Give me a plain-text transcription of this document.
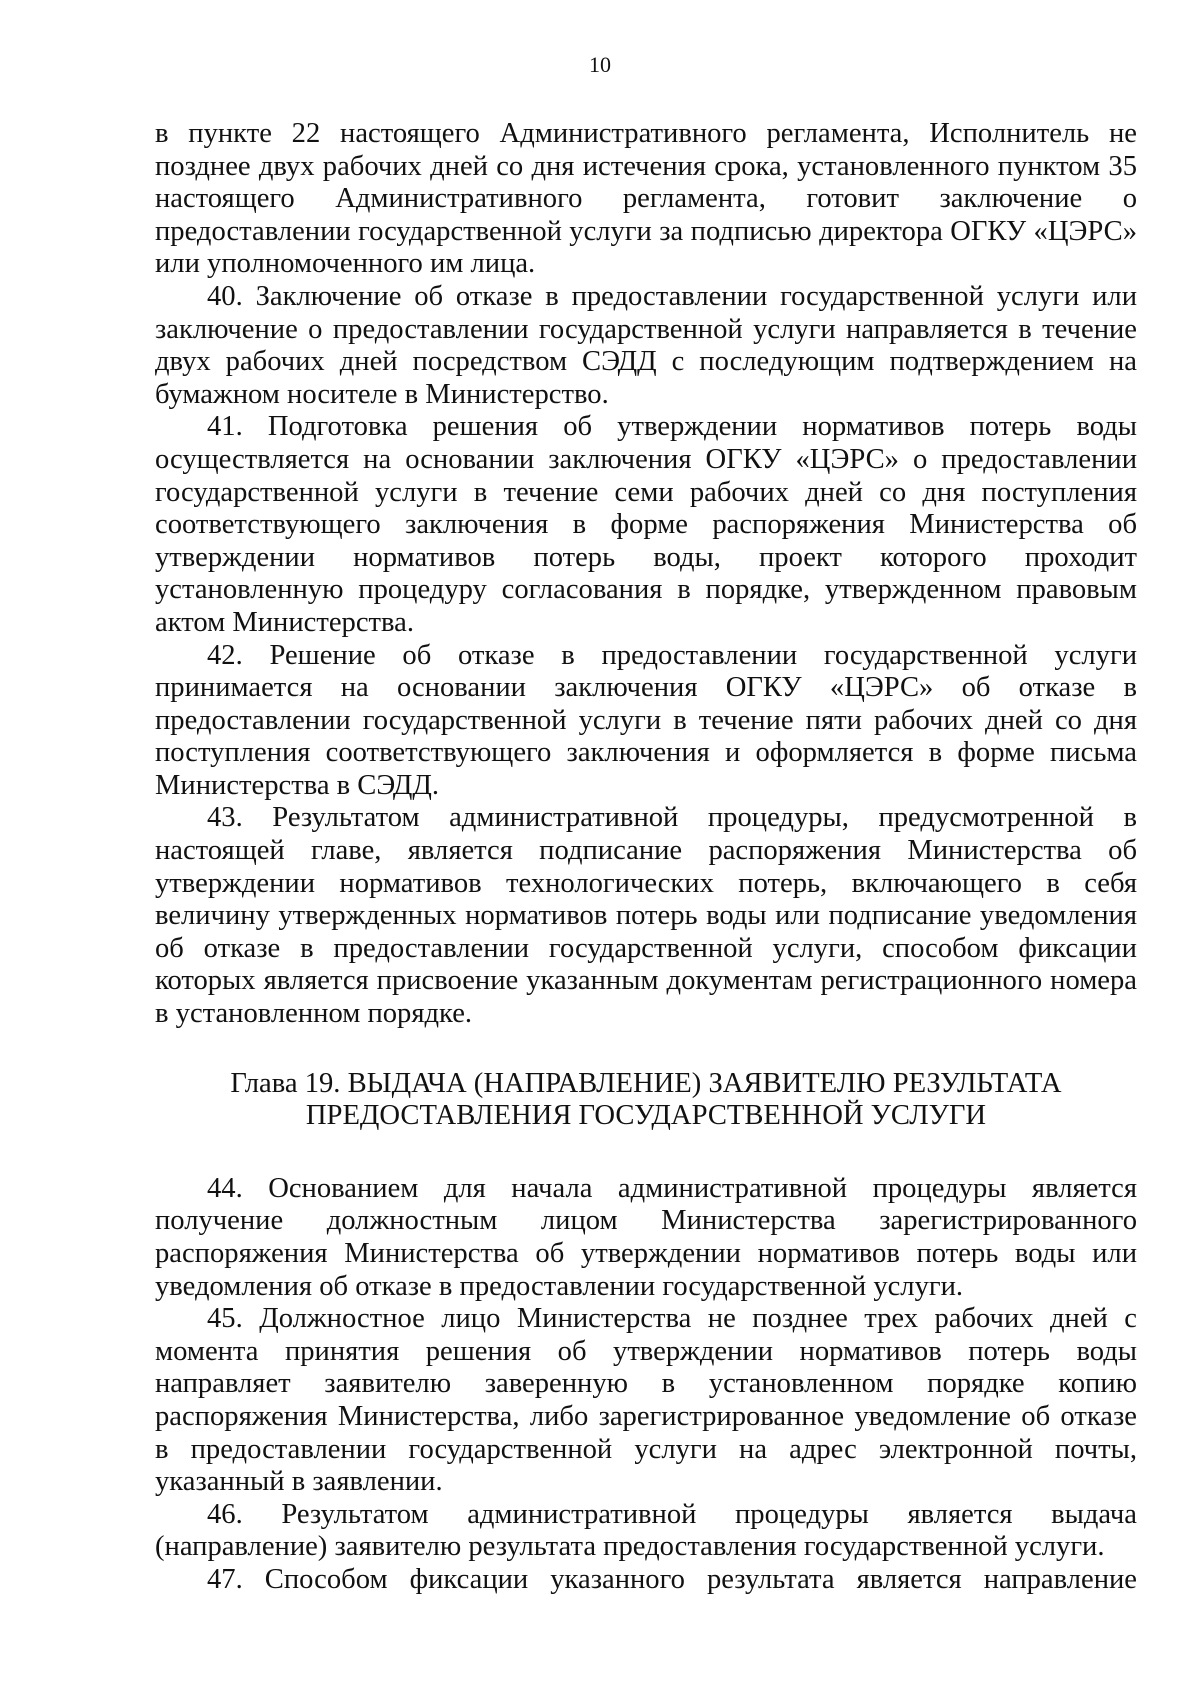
10

в пункте 22 настоящего Административного регламента, Исполнитель не позднее двух рабочих дней со дня истечения срока, установленного пунктом 35 настоящего Административного регламента, готовит заключение о предоставлении государственной услуги за подписью директора ОГКУ «ЦЭРС» или уполномоченного им лица.

40. Заключение об отказе в предоставлении государственной услуги или заключение о предоставлении государственной услуги направляется в течение двух рабочих дней посредством СЭДД с последующим подтверждением на бумажном носителе в Министерство.

41. Подготовка решения об утверждении нормативов потерь воды осуществляется на основании заключения ОГКУ «ЦЭРС» о предоставлении государственной услуги в течение семи рабочих дней со дня поступления соответствующего заключения в форме распоряжения Министерства об утверждении нормативов потерь воды, проект которого проходит установленную процедуру согласования в порядке, утвержденном правовым актом Министерства.

42. Решение об отказе в предоставлении государственной услуги принимается на основании заключения ОГКУ «ЦЭРС» об отказе в предоставлении государственной услуги в течение пяти рабочих дней со дня поступления соответствующего заключения и оформляется в форме письма Министерства в СЭДД.

43. Результатом административной процедуры, предусмотренной в настоящей главе, является подписание распоряжения Министерства об утверждении нормативов технологических потерь, включающего в себя величину утвержденных нормативов потерь воды или подписание уведомления об отказе в предоставлении государственной услуги, способом фиксации которых является присвоение указанным документам регистрационного номера в установленном порядке.

Глава 19. ВЫДАЧА (НАПРАВЛЕНИЕ) ЗАЯВИТЕЛЮ РЕЗУЛЬТАТА

ПРЕДОСТАВЛЕНИЯ ГОСУДАРСТВЕННОЙ УСЛУГИ

44. Основанием для начала административной процедуры является получение должностным лицом Министерства зарегистрированного распоряжения Министерства об утверждении нормативов потерь воды или уведомления об отказе в предоставлении государственной услуги.

45. Должностное лицо Министерства не позднее трех рабочих дней с момента принятия решения об утверждении нормативов потерь воды направляет заявителю заверенную в установленном порядке копию распоряжения Министерства, либо зарегистрированное уведомление об отказе в предоставлении государственной услуги на адрес электронной почты, указанный в заявлении.

46. Результатом административной процедуры является выдача (направление) заявителю результата предоставления государственной услуги.

47. Способом фиксации указанного результата является направление
